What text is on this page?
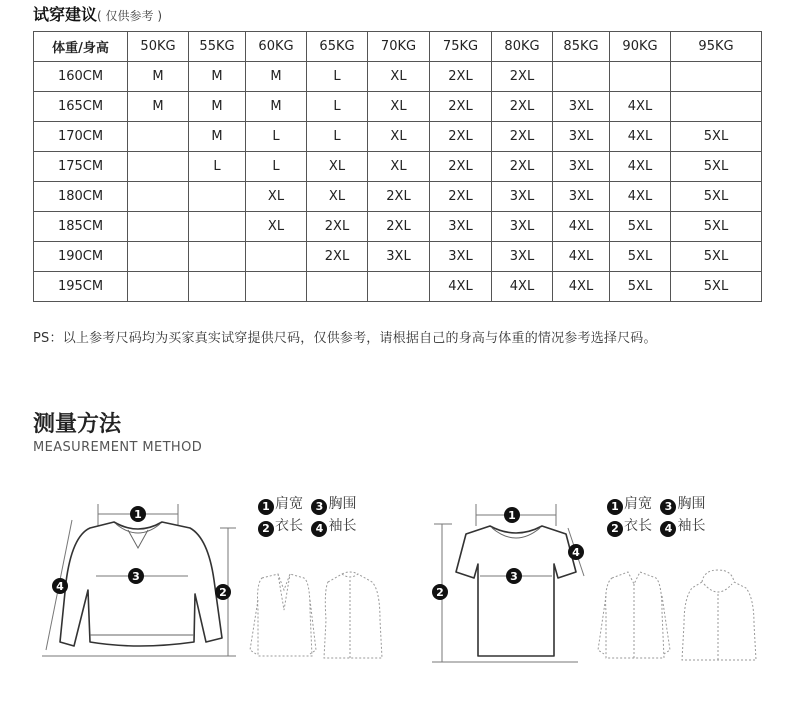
试穿建议( 仅供参考 )
体重/身高	50KG	55KG	60KG	65KG	70KG	75KG	80KG	85KG	90KG	95KG
160CM	M	M	M	L	XL	2XL	2XL			
165CM	M	M	M	L	XL	2XL	2XL	3XL	4XL	
170CM		M	L	L	XL	2XL	2XL	3XL	4XL	5XL
175CM		L	L	XL	XL	2XL	2XL	3XL	4XL	5XL
180CM			XL	XL	2XL	2XL	3XL	3XL	4XL	5XL
185CM			XL	2XL	2XL	3XL	3XL	4XL	5XL	5XL
190CM				2XL	3XL	3XL	3XL	4XL	5XL	5XL
195CM						4XL	4XL	4XL	5XL	5XL
PS：以上参考尺码均为买家真实试穿提供尺码，仅供参考，请根据自己的身高与体重的情况参考选择尺码。
测量方法
MEASUREMENT METHOD
1 肩宽 3 胸围
2 衣长 4 袖长
1 肩宽 3 胸围
2 衣长 4 袖长
1
3
2
4
1
3
2
4
